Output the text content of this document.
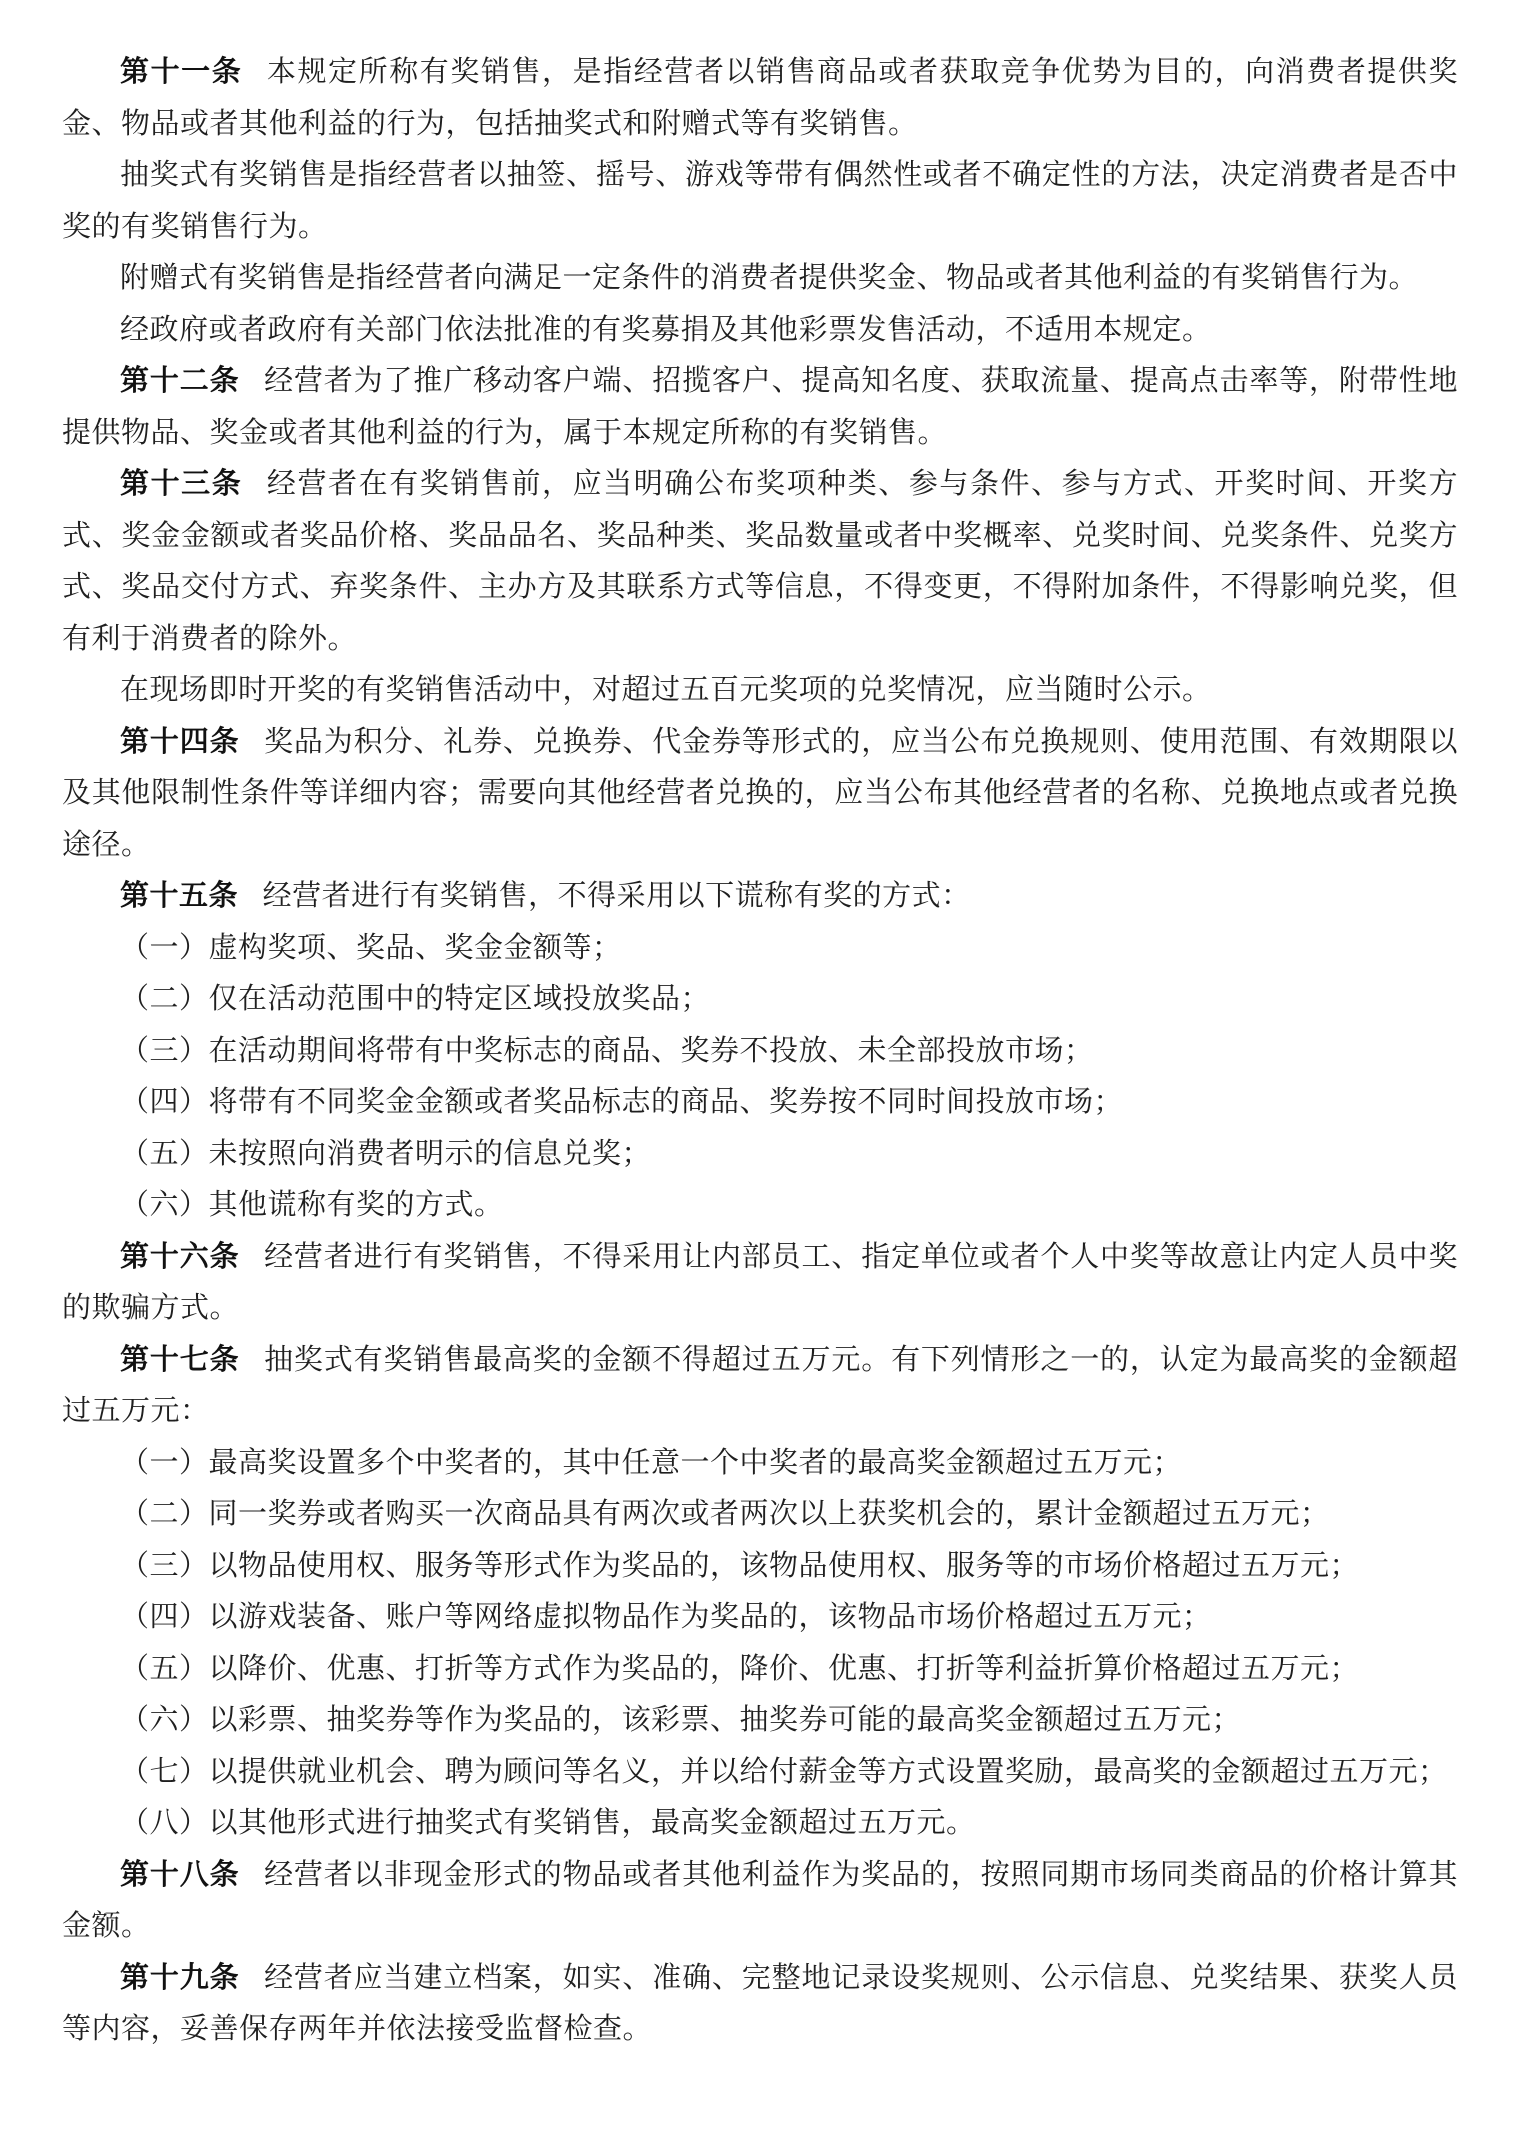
第十一条 本规定所称有奖销售，是指经营者以销售商品或者获取竞争优势为目的，向消费者提供奖金、物品或者其他利益的行为，包括抽奖式和附赠式等有奖销售。

抽奖式有奖销售是指经营者以抽签、摇号、游戏等带有偶然性或者不确定性的方法，决定消费者是否中奖的有奖销售行为。

附赠式有奖销售是指经营者向满足一定条件的消费者提供奖金、物品或者其他利益的有奖销售行为。

经政府或者政府有关部门依法批准的有奖募捐及其他彩票发售活动，不适用本规定。

第十二条 经营者为了推广移动客户端、招揽客户、提高知名度、获取流量、提高点击率等，附带性地提供物品、奖金或者其他利益的行为，属于本规定所称的有奖销售。

第十三条 经营者在有奖销售前，应当明确公布奖项种类、参与条件、参与方式、开奖时间、开奖方式、奖金金额或者奖品价格、奖品品名、奖品种类、奖品数量或者中奖概率、兑奖时间、兑奖条件、兑奖方式、奖品交付方式、弃奖条件、主办方及其联系方式等信息，不得变更，不得附加条件，不得影响兑奖，但有利于消费者的除外。

在现场即时开奖的有奖销售活动中，对超过五百元奖项的兑奖情况，应当随时公示。

第十四条 奖品为积分、礼券、兑换券、代金券等形式的，应当公布兑换规则、使用范围、有效期限以及其他限制性条件等详细内容；需要向其他经营者兑换的，应当公布其他经营者的名称、兑换地点或者兑换途径。

第十五条 经营者进行有奖销售，不得采用以下谎称有奖的方式：

（一）虚构奖项、奖品、奖金金额等；

（二）仅在活动范围中的特定区域投放奖品；

（三）在活动期间将带有中奖标志的商品、奖券不投放、未全部投放市场；

（四）将带有不同奖金金额或者奖品标志的商品、奖券按不同时间投放市场；

（五）未按照向消费者明示的信息兑奖；

（六）其他谎称有奖的方式。

第十六条 经营者进行有奖销售，不得采用让内部员工、指定单位或者个人中奖等故意让内定人员中奖的欺骗方式。

第十七条 抽奖式有奖销售最高奖的金额不得超过五万元。有下列情形之一的，认定为最高奖的金额超过五万元：

（一）最高奖设置多个中奖者的，其中任意一个中奖者的最高奖金额超过五万元；

（二）同一奖券或者购买一次商品具有两次或者两次以上获奖机会的，累计金额超过五万元；

（三）以物品使用权、服务等形式作为奖品的，该物品使用权、服务等的市场价格超过五万元；

（四）以游戏装备、账户等网络虚拟物品作为奖品的，该物品市场价格超过五万元；

（五）以降价、优惠、打折等方式作为奖品的，降价、优惠、打折等利益折算价格超过五万元；

（六）以彩票、抽奖券等作为奖品的，该彩票、抽奖券可能的最高奖金额超过五万元；

（七）以提供就业机会、聘为顾问等名义，并以给付薪金等方式设置奖励，最高奖的金额超过五万元；

（八）以其他形式进行抽奖式有奖销售，最高奖金额超过五万元。

第十八条 经营者以非现金形式的物品或者其他利益作为奖品的，按照同期市场同类商品的价格计算其金额。

第十九条 经营者应当建立档案，如实、准确、完整地记录设奖规则、公示信息、兑奖结果、获奖人员等内容，妥善保存两年并依法接受监督检查。
